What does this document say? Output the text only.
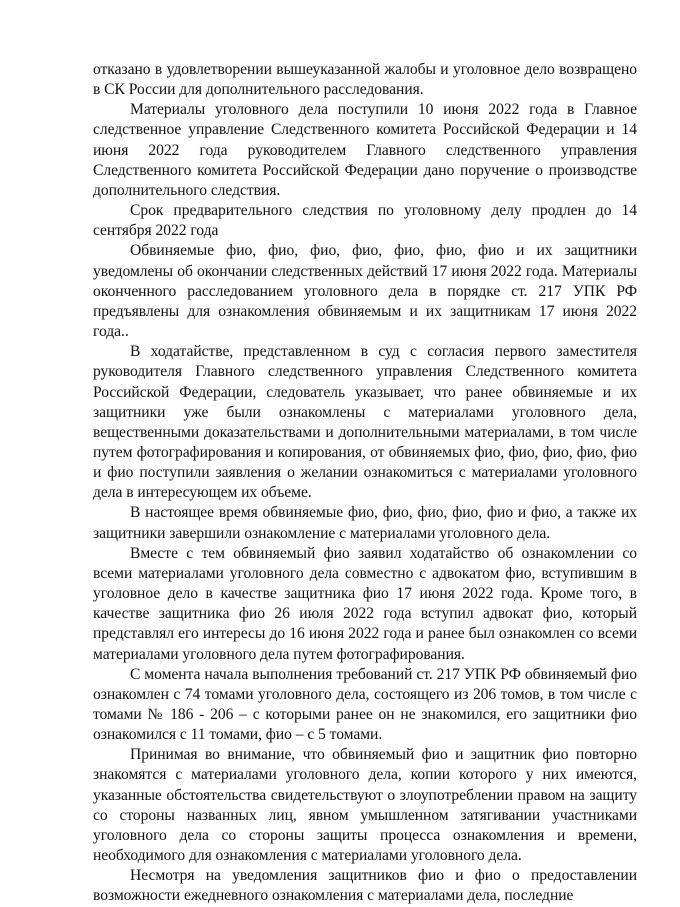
отказано в удовлетворении вышеуказанной жалобы и уголовное дело возвращено в СК России для дополнительного расследования.

Материалы уголовного дела поступили 10 июня 2022 года в Главное следственное управление Следственного комитета Российской Федерации и 14 июня 2022 года руководителем Главного следственного управления Следственного комитета Российской Федерации дано поручение о производстве дополнительного следствия.

Срок предварительного следствия по уголовному делу продлен до 14 сентября 2022 года

Обвиняемые фио, фио, фио, фио, фио, фио, фио и их защитники уведомлены об окончании следственных действий 17 июня 2022 года. Материалы оконченного расследованием уголовного дела в порядке ст. 217 УПК РФ предъявлены для ознакомления обвиняемым и их защитникам 17 июня 2022 года..

В ходатайстве, представленном в суд с согласия первого заместителя руководителя Главного следственного управления Следственного комитета Российской Федерации, следователь указывает, что ранее обвиняемые и их защитники уже были ознакомлены с материалами уголовного дела, вещественными доказательствами и дополнительными материалами, в том числе путем фотографирования и копирования, от обвиняемых фио, фио, фио, фио, фио и фио поступили заявления о желании ознакомиться с материалами уголовного дела в интересующем их объеме.

В настоящее время обвиняемые фио, фио, фио, фио, фио и фио, а также их защитники завершили ознакомление с материалами уголовного дела.

Вместе с тем обвиняемый фио заявил ходатайство об ознакомлении со всеми материалами уголовного дела совместно с адвокатом фио, вступившим в уголовное дело в качестве защитника фио 17 июня 2022 года. Кроме того, в качестве защитника фио 26 июля 2022 года вступил адвокат фио, который представлял его интересы до 16 июня 2022 года и ранее был ознакомлен со всеми материалами уголовного дела путем фотографирования.

С момента начала выполнения требований ст. 217 УПК РФ обвиняемый фио ознакомлен с 74 томами уголовного дела, состоящего из 206 томов, в том числе с томами № 186 - 206 – с которыми ранее он не знакомился, его защитники фио ознакомился с 11 томами, фио – с 5 томами.

Принимая во внимание, что обвиняемый фио и защитник фио повторно знакомятся с материалами уголовного дела, копии которого у них имеются, указанные обстоятельства свидетельствуют о злоупотреблении правом на защиту со стороны названных лиц, явном умышленном затягивании участниками уголовного дела со стороны защиты процесса ознакомления и времени, необходимого для ознакомления с материалами уголовного дела.

Несмотря на уведомления защитников фио и фио о предоставлении возможности ежедневного ознакомления с материалами дела, последние
